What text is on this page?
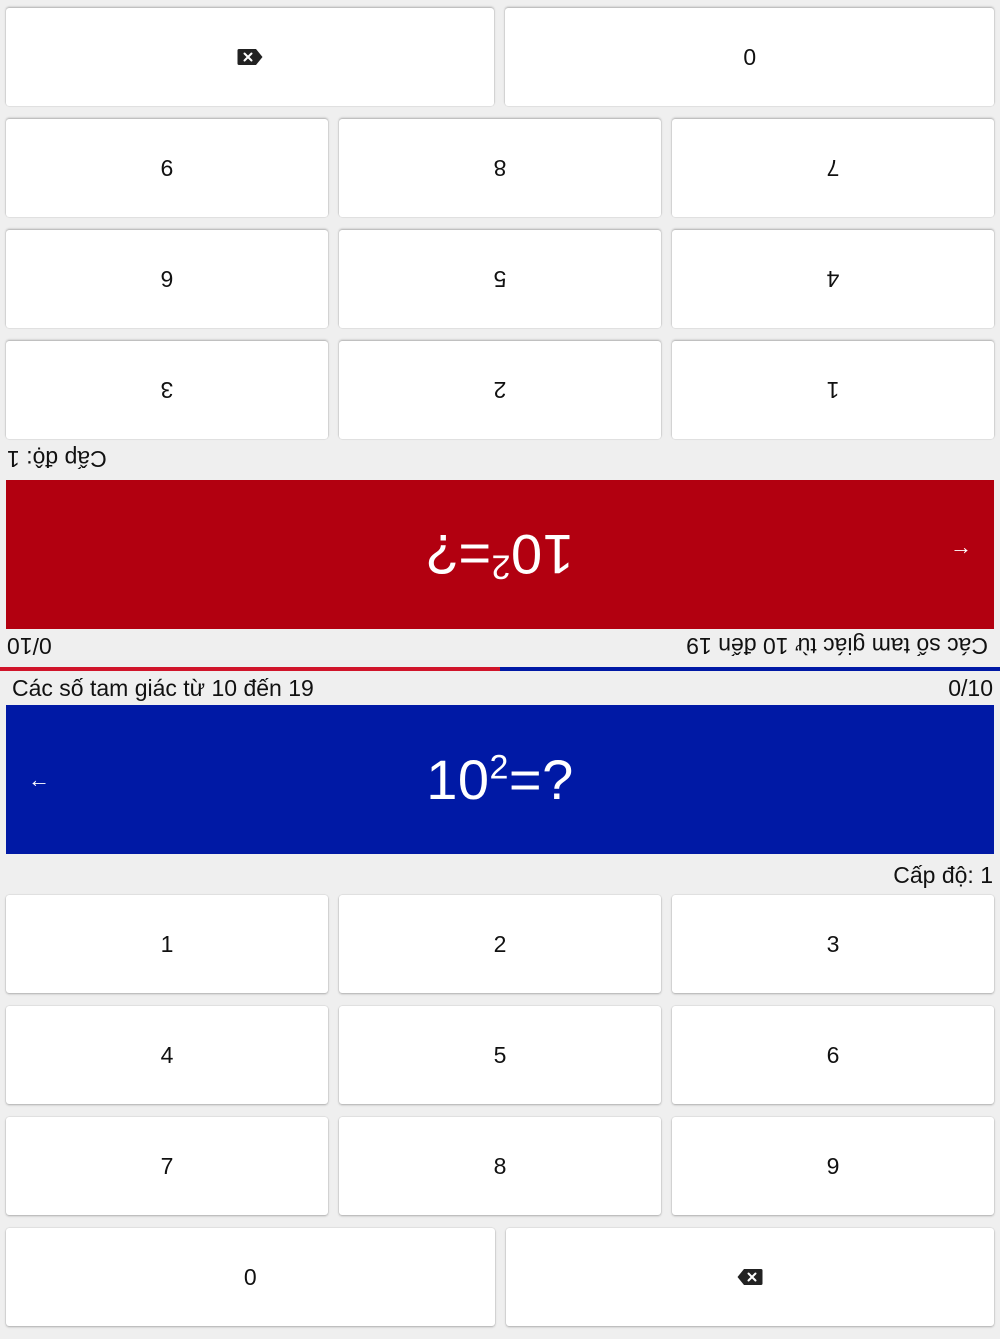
Các số tam giác từ 10 đến 19
0/10
←
$10^2=$?
Cấp độ: 1
1
2
3
4
5
6
7
8
9
0
Các số tam giác từ 10 đến 19	0/10
←	$10^2=$?
Cấp độ: 1
1	2	3
4	5	6
7	8	9
0
